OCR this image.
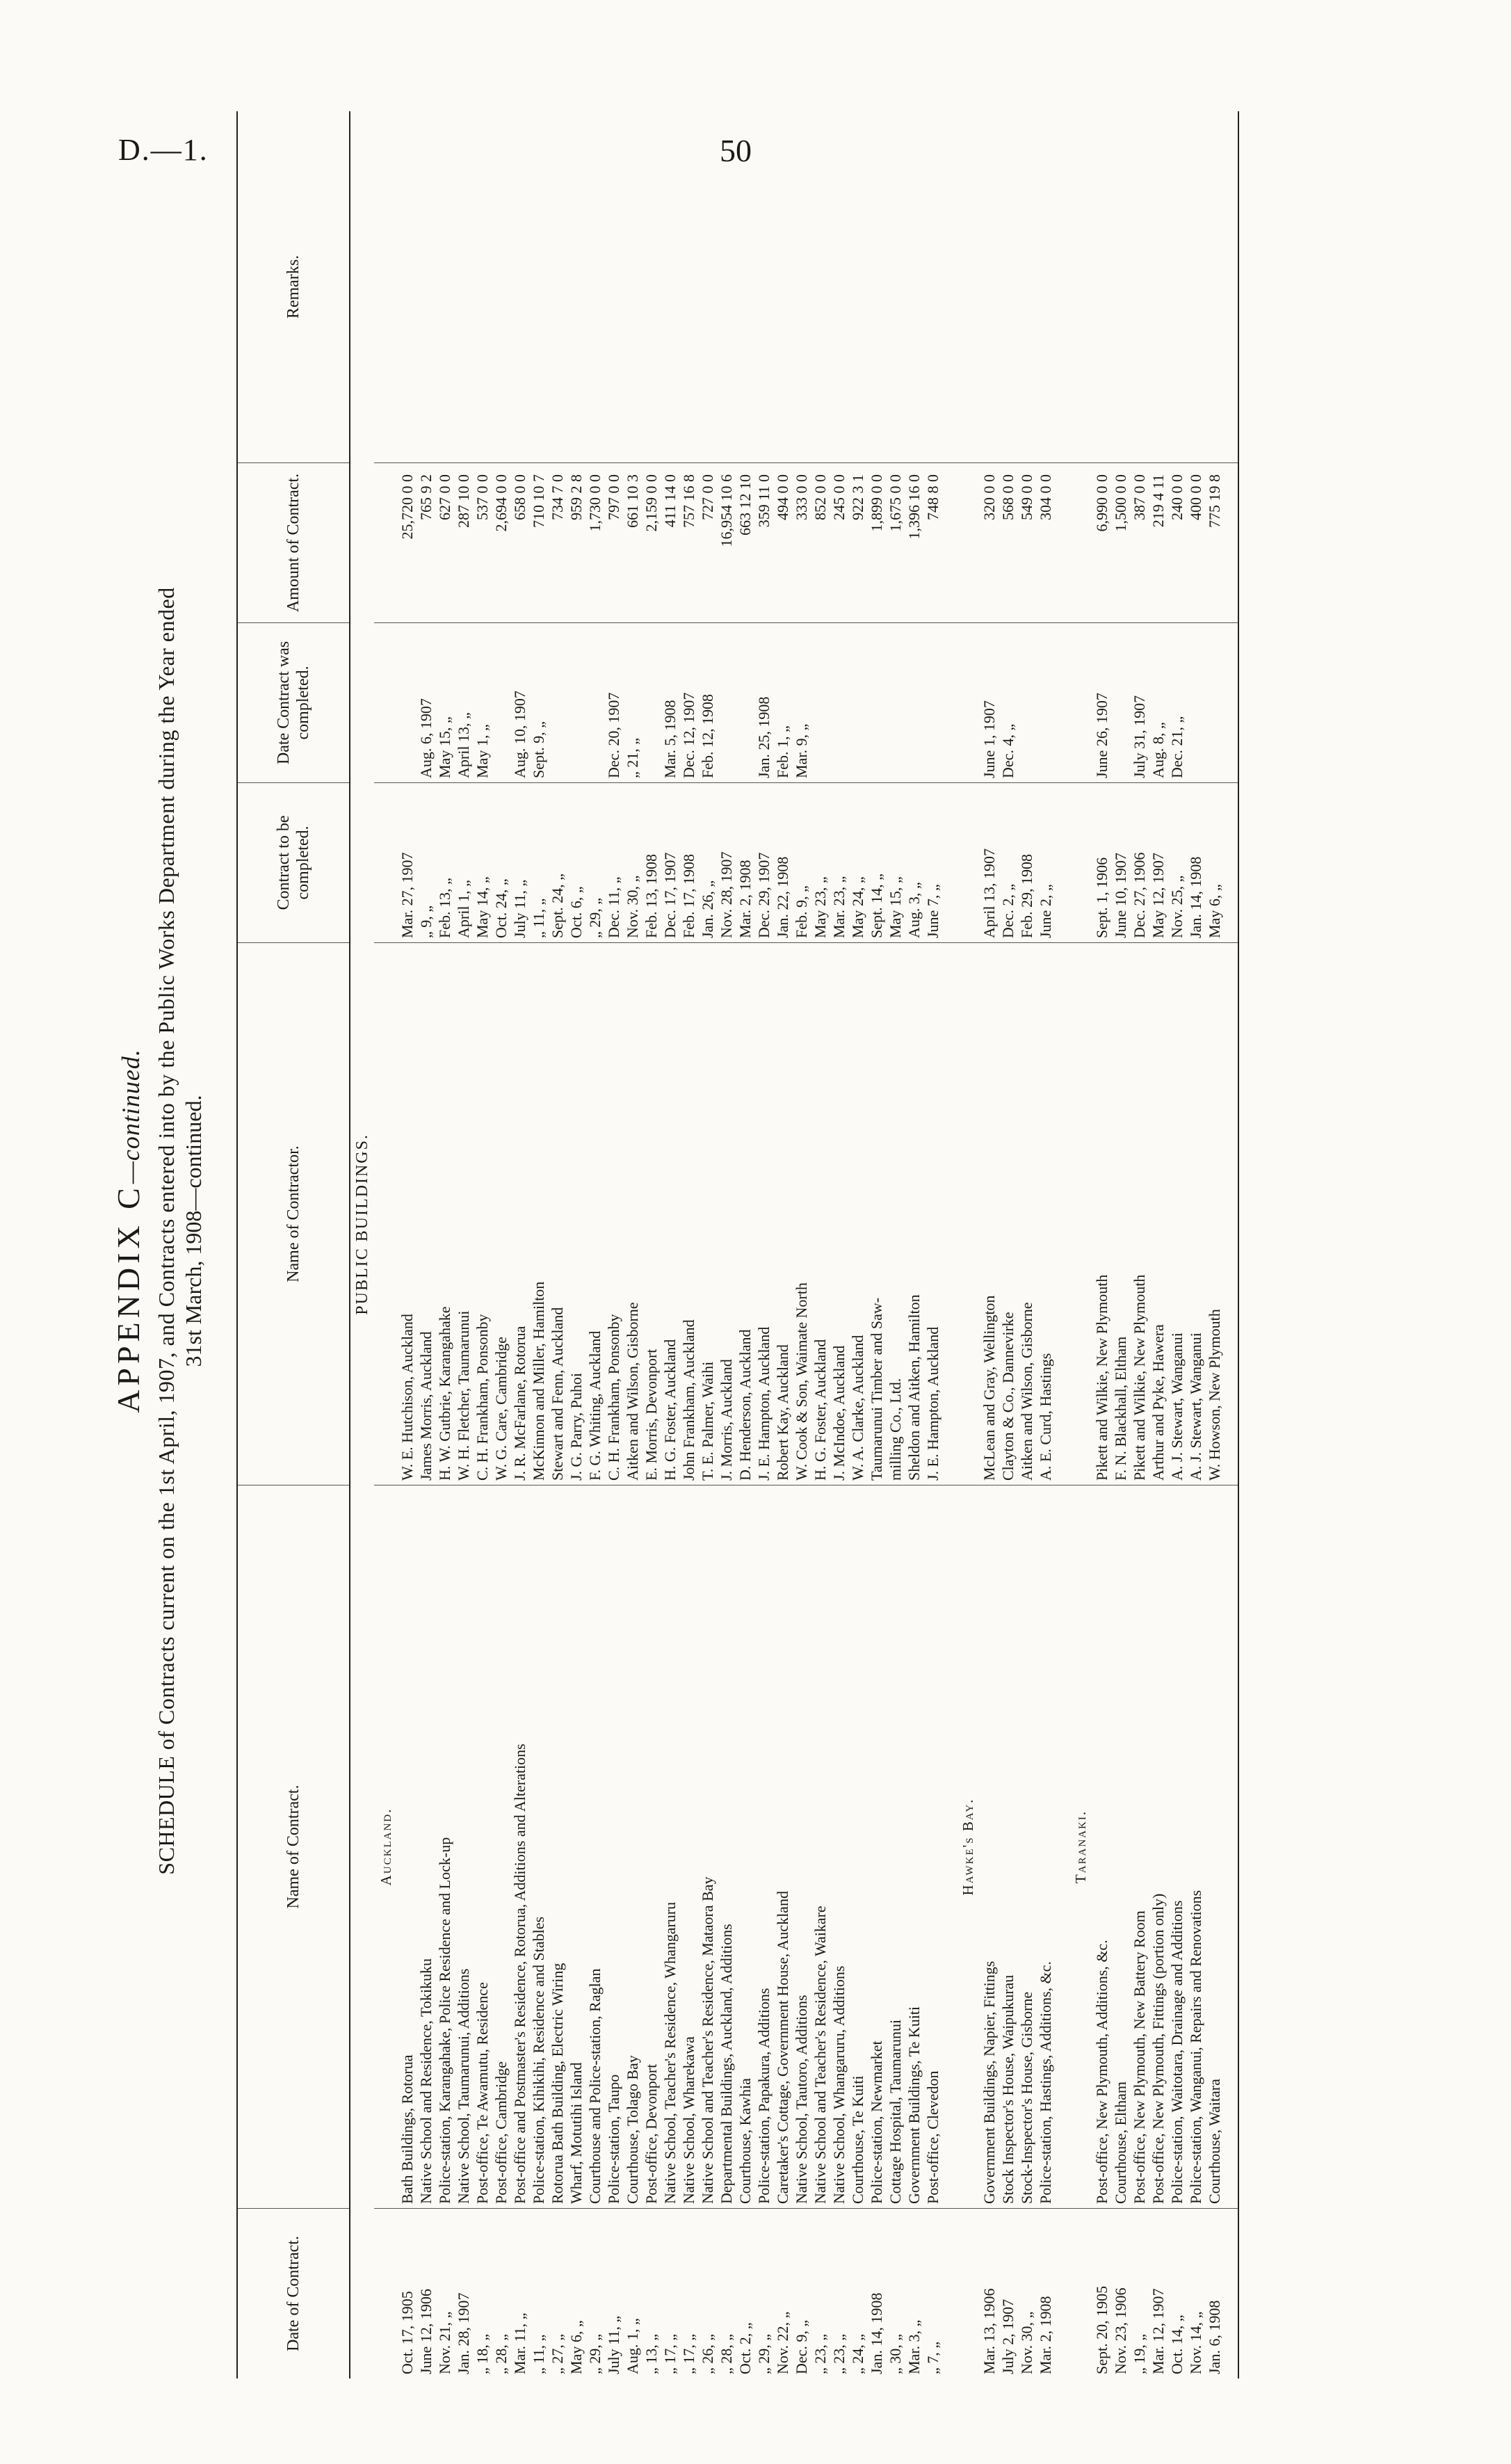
D.—1.	50
APPENDIX C—continued. SCHEDULE of Contracts current on the 1st April, 1907, and Contracts entered into by the Public Works Department during the Year ended 31st March, 1908—continued.
Date of Contract.
Name of Contract.
Name of Contractor.
Contract to be completed.
Date Contract was completed.
Amount of Contract.
Remarks.
PUBLIC BUILDINGS.
Auckland.
Oct. 17, 1905
Bath Buildings, Rotorua
W. E. Hutchison, Auckland
Mar. 27, 1907
25,720 0 0
June 12, 1906
Native School and Residence, Tokikuku
James Morris, Auckland
„ 9, „
Aug. 6, 1907
765 9 2
Nov. 21, „
Police-station, Karangahake, Police Residence and Lock-up
H. W. Gutbrie, Karangahake
Feb. 13, „
May 15, „
627 0 0
Jan. 28, 1907
Native School, Taumarunui, Additions
W. H. Fletcher, Taumarunui
April 1, „
April 13, „
287 10 0
„ 18, „
Post-office, Te Awamutu, Residence
C. H. Frankham, Ponsonby
May 14, „
May 1, „
537 0 0
„ 28, „
Post-office, Cambridge
W. G. Care, Cambridge
Oct. 24, „
2,694 0 0
Mar. 11, „
Post-office and Postmaster's Residence, Rotorua, Additions and Alterations
J. R. McFarlane, Rotorua
July 11, „
Aug. 10, 1907
658 0 0
„ 11, „
Police-station, Kihikihi, Residence and Stables
McKinnon and Miller, Hamilton
„ 11, „
Sept. 9, „
710 10 7
„ 27, „
Rotorua Bath Building, Electric Wiring
Stewart and Fenn, Auckland
Sept. 24, „
734 7 0
May 6, „
Wharf, Motutihi Island
J. G. Parry, Puhoi
Oct. 6, „
959 2 8
„ 29, „
Courthouse and Police-station, Raglan
F. G. Whiting, Auckland
„ 29, „
1,730 0 0
July 11, „
Police-station, Taupo
C. H. Frankham, Ponsonby
Dec. 11, „
Dec. 20, 1907
797 0 0
Aug. 1, „
Courthouse, Tolago Bay
Aitken and Wilson, Gisborne
Nov. 30, „
„ 21, „
661 10 3
„ 13, „
Post-office, Devonport
E. Morris, Devonport
Feb. 13, 1908
2,159 0 0
„ 17, „
Native School, Teacher's Residence, Whangaruru
H. G. Foster, Auckland
Dec. 17, 1907
Mar. 5, 1908
411 14 0
„ 17, „
Native School, Wharekawa
John Frankham, Auckland
Feb. 17, 1908
Dec. 12, 1907
757 16 8
„ 26, „
Native School and Teacher's Residence, Mataora Bay
T. E. Palmer, Waihi
Jan. 26, „
Feb. 12, 1908
727 0 0
„ 28, „
Departmental Buildings, Auckland, Additions
J. Morris, Auckland
Nov. 28, 1907
16,954 10 6
Oct. 2, „
Courthouse, Kawhia
D. Henderson, Auckland
Mar. 2, 1908
663 12 10
„ 29, „
Police-station, Papakura, Additions
J. E. Hampton, Auckland
Dec. 29, 1907
Jan. 25, 1908
359 11 0
Nov. 22, „
Caretaker's Cottage, Government House, Auckland
Robert Kay, Auckland
Jan. 22, 1908
Feb. 1, „
494 0 0
Dec. 9, „
Native School, Tautoro, Additions
W. Cook & Son, Waimate North
Feb. 9, „
Mar. 9, „
333 0 0
„ 23, „
Native School and Teacher's Residence, Waikare
H. G. Foster, Auckland
May 23, „
852 0 0
„ 23, „
Native School, Whangaruru, Additions
J. McIndoe, Auckland
Mar. 23, „
245 0 0
„ 24, „
Courthouse, Te Kuiti
W. A. Clarke, Auckland
May 24, „
922 3 1
Jan. 14, 1908
Police-station, Newmarket
Taumarunui Timber and Saw-
Sept. 14, „
1,899 0 0
„ 30, „
Cottage Hospital, Taumarunui
milling Co., Ltd.
May 15, „
1,675 0 0
Mar. 3, „
Government Buildings, Te Kuiti
Sheldon and Aitken, Hamilton
Aug. 3, „
1,396 16 0
„ 7, „
Post-office, Clevedon
J. E. Hampton, Auckland
June 7, „
748 8 0
Hawke's Bay.
Mar. 13, 1906
Government Buildings, Napier, Fittings
McLean and Gray, Wellington
April 13, 1907
June 1, 1907
320 0 0
July 2, 1907
Stock Inspector's House, Waipukurau
Clayton & Co., Dannevirke
Dec. 2, „
Dec. 4, „
568 0 0
Nov. 30, „
Stock-Inspector's House, Gisborne
Aitken and Wilson, Gisborne
Feb. 29, 1908
549 0 0
Mar. 2, 1908
Police-station, Hastings, Additions, &c.
A. E. Curd, Hastings
June 2, „
304 0 0
Taranaki.
Sept. 20, 1905
Post-office, New Plymouth, Additions, &c.
Pikett and Wilkie, New Plymouth
Sept. 1, 1906
June 26, 1907
6,990 0 0
Nov. 23, 1906
Courthouse, Eltham
F. N. Blackhall, Eltham
June 10, 1907
1,500 0 0
„ 19, „
Post-office, New Plymouth, New Battery Room
Pikett and Wilkie, New Plymouth
Dec. 27, 1906
July 31, 1907
387 0 0
Mar. 12, 1907
Post-office, New Plymouth, Fittings (portion only)
Arthur and Pyke, Hawera
May 12, 1907
Aug. 8, „
219 4 11
Oct. 14, „
Police-station, Waitotara, Drainage and Additions
A. J. Stewart, Wanganui
Nov. 25, „
Dec. 21, „
240 0 0
Nov. 14, „
Police-station, Wanganui, Repairs and Renovations
A. J. Stewart, Wanganui
Jan. 14, 1908
400 0 0
Jan. 6, 1908
Courthouse, Waitara
W. Howson, New Plymouth
May 6, „
775 19 8
